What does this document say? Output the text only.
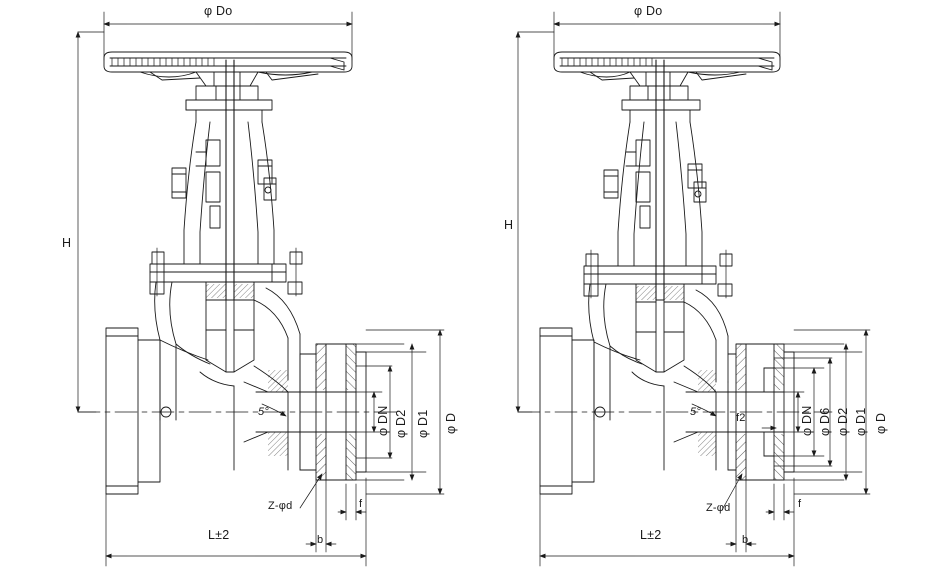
φ Do
H
L±2
Z-φd
b
f
5°	φ DN φ D2 φ D1 φ D
φ Do
H
L±2
Z-φd
b
f
f2
5°	φ DN φ D6 φ D2 φ D1 φ D
